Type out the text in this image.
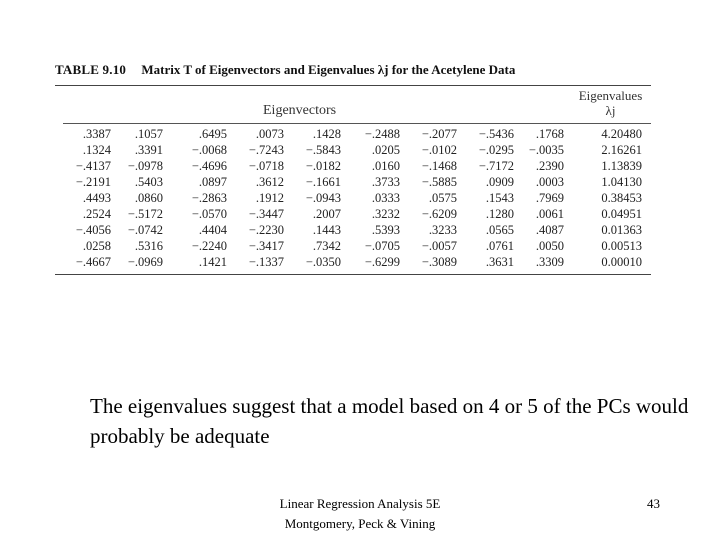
TABLE 9.10 Matrix T of Eigenvectors and Eigenvalues λj for the Acetylene Data
Eigenvectors
Eigenvalues
λj
.3387	.1057	.6495	.0073	.1428	−.2488	−.2077	−.5436	.1768	4.20480
.1324	.3391	−.0068	−.7243	−.5843	.0205	−.0102	−.0295	−.0035	2.16261
−.4137	−.0978	−.4696	−.0718	−.0182	.0160	−.1468	−.7172	.2390	1.13839
−.2191	.5403	.0897	.3612	−.1661	.3733	−.5885	.0909	.0003	1.04130
.4493	.0860	−.2863	.1912	−.0943	.0333	.0575	.1543	.7969	0.38453
.2524	−.5172	−.0570	−.3447	.2007	.3232	−.6209	.1280	.0061	0.04951
−.4056	−.0742	.4404	−.2230	.1443	.5393	.3233	.0565	.4087	0.01363
.0258	.5316	−.2240	−.3417	.7342	−.0705	−.0057	.0761	.0050	0.00513
−.4667	−.0969	.1421	−.1337	−.0350	−.6299	−.3089	.3631	.3309	0.00010
The eigenvalues suggest that a model based on 4 or 5 of the PCs would probably be adequate
Linear Regression Analysis 5E
Montgomery, Peck & Vining
43
